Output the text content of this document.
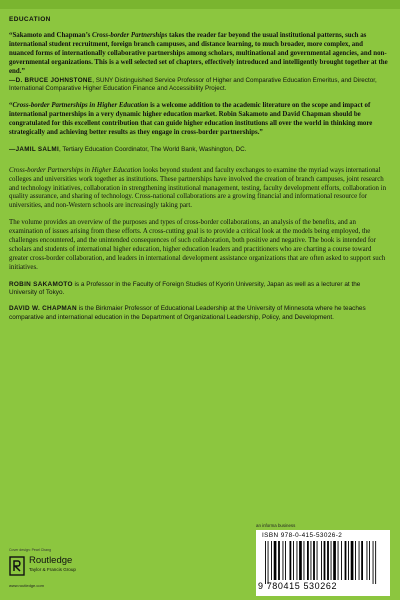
EDUCATION

“Sakamoto and Chapman’s Cross-border Partnerships takes the reader far beyond the usual institutional patterns, such as international student recruitment, foreign branch campuses, and distance learning, to much broader, more complex, and nuanced forms of internationally collaborative partnerships among scholars, multinational and governmental agencies, and non-governmental organizations. This is a well selected set of chapters, effectively introduced and intelligently brought together at the end.”

—D. BRUCE JOHNSTONE, SUNY Distinguished Service Professor of Higher and Comparative Education Emeritus, and Director, International Comparative Higher Education Finance and Accessibility Project.

“Cross-border Partnerships in Higher Education is a welcome addition to the academic literature on the scope and impact of international partnerships in a very dynamic higher education market. Robin Sakamoto and David Chapman should be congratulated for this excellent contribution that can guide higher education institutions all over the world in thinking more strategically and achieving better results as they engage in cross-border partnerships.”

—JAMIL SALMI, Tertiary Education Coordinator, The World Bank, Washington, DC.

Cross-border Partnerships in Higher Education looks beyond student and faculty exchanges to examine the myriad ways international colleges and universities work together as institutions. These partnerships have involved the creation of branch campuses, joint research and technology initiatives, collaboration in strengthening institutional management, testing, faculty development efforts, collaboration in quality assurance, and sharing of technology. Cross-national collaborations are a growing financial and informational resource for universities, and non-Western schools are increasingly taking part.

The volume provides an overview of the purposes and types of cross-border collaborations, an analysis of the benefits, and an examination of issues arising from these efforts. A cross-cutting goal is to provide a critical look at the models being employed, the challenges encountered, and the unintended consequences of such collaboration, both positive and negative. The book is intended for scholars and students of international higher education, higher education leaders and practitioners who are charting a course toward greater cross-border collaboration, and leaders in international development assistance organizations that are often asked to support such initiatives.

ROBIN SAKAMOTO is a Professor in the Faculty of Foreign Studies of Kyorin University, Japan as well as a lecturer at the University of Tokyo.

DAVID W. CHAPMAN is the Birkmaier Professor of Educational Leadership at the University of Minnesota where he teaches comparative and international education in the Department of Organizational Leadership, Policy, and Development.

Cover design: Pearl Chang
Routledge
Taylor & Francis Group
www.routledge.com
an informa business
ISBN 978-0-415-53026-2
9 780415 530262
